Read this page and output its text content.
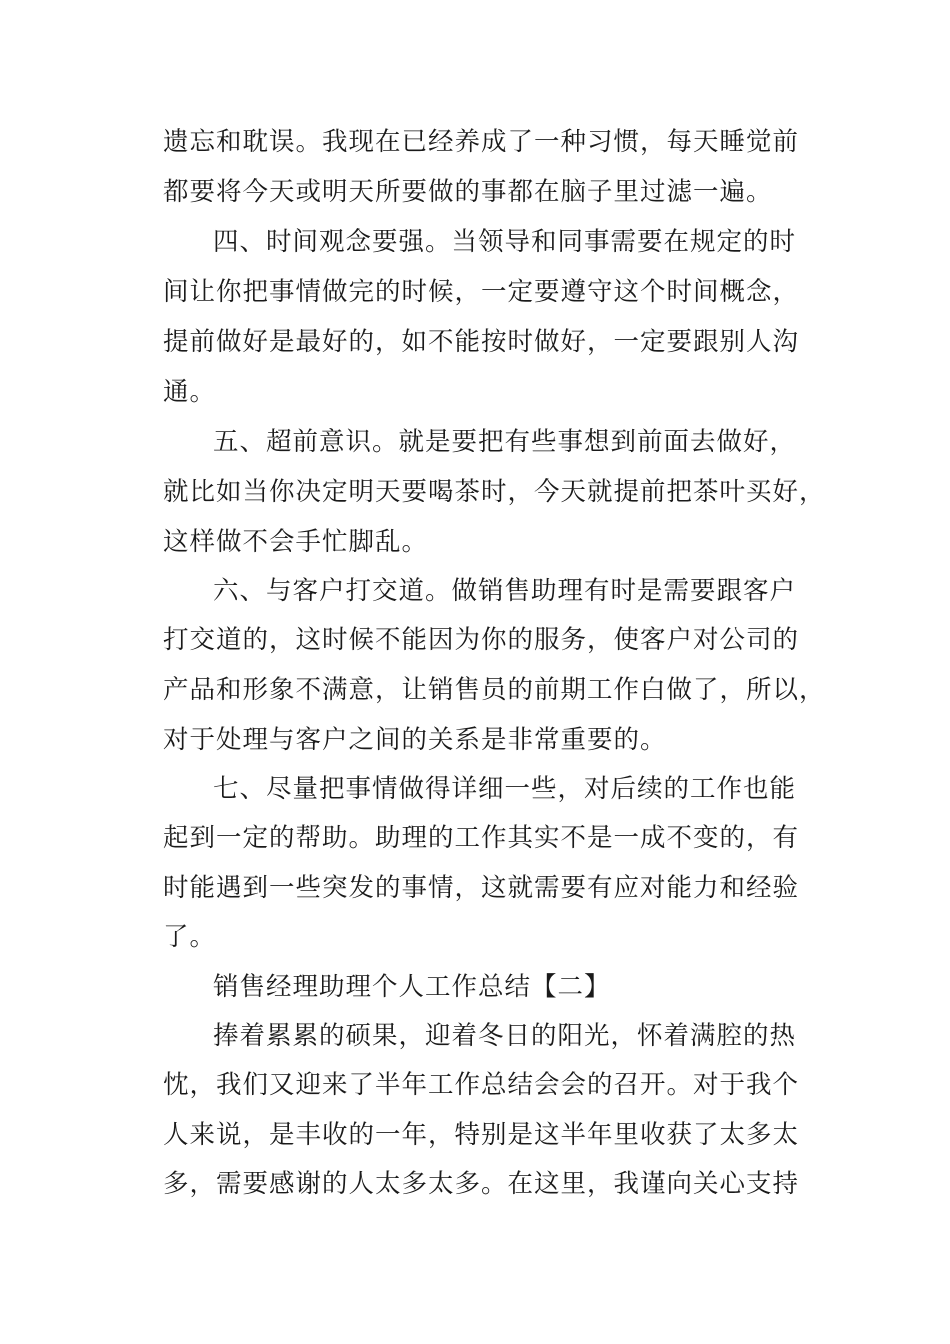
遗忘和耽误。我现在已经养成了一种习惯，每天睡觉前
都要将今天或明天所要做的事都在脑子里过滤一遍。
四、时间观念要强。当领导和同事需要在规定的时
间让你把事情做完的时候，一定要遵守这个时间概念，
提前做好是最好的，如不能按时做好，一定要跟别人沟
通。
五、超前意识。就是要把有些事想到前面去做好，
就比如当你决定明天要喝茶时，今天就提前把茶叶买好，
这样做不会手忙脚乱。
六、与客户打交道。做销售助理有时是需要跟客户
打交道的，这时候不能因为你的服务，使客户对公司的
产品和形象不满意，让销售员的前期工作白做了，所以，
对于处理与客户之间的关系是非常重要的。
七、尽量把事情做得详细一些，对后续的工作也能
起到一定的帮助。助理的工作其实不是一成不变的，有
时能遇到一些突发的事情，这就需要有应对能力和经验
了。
销售经理助理个人工作总结【二】
捧着累累的硕果，迎着冬日的阳光，怀着满腔的热
忱，我们又迎来了半年工作总结会会的召开。对于我个
人来说，是丰收的一年，特别是这半年里收获了太多太
多，需要感谢的人太多太多。在这里，我谨向关心支持
